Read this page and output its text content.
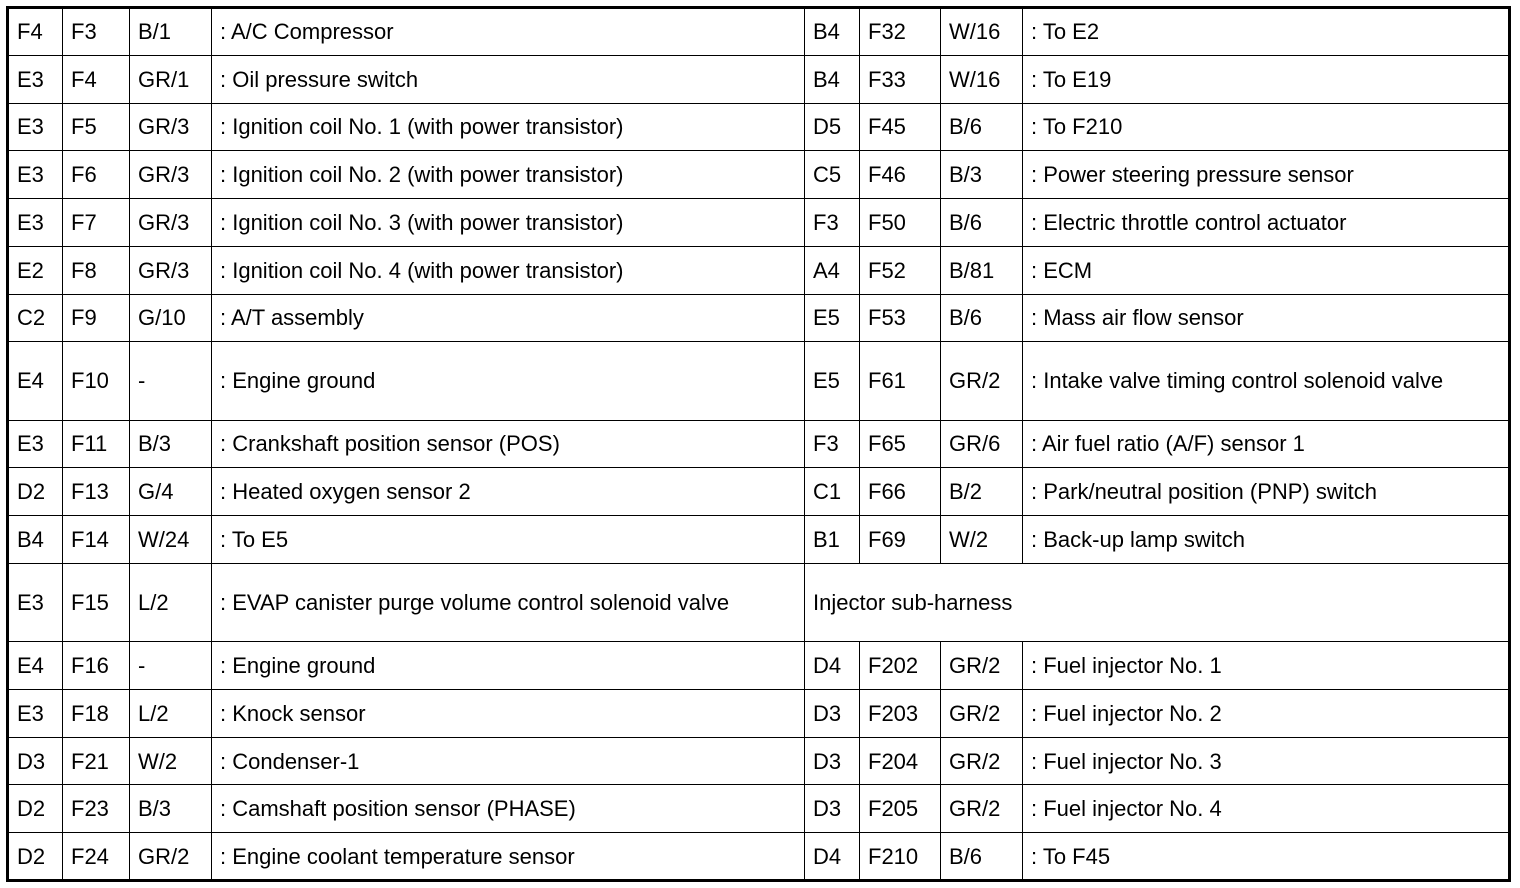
F4	F3	B/1	: A/C Compressor	B4	F32	W/16	: To E2
E3	F4	GR/1	: Oil pressure switch	B4	F33	W/16	: To E19
E3	F5	GR/3	: Ignition coil No. 1 (with power transistor)	D5	F45	B/6	: To F210
E3	F6	GR/3	: Ignition coil No. 2 (with power transistor)	C5	F46	B/3	: Power steering pressure sensor
E3	F7	GR/3	: Ignition coil No. 3 (with power transistor)	F3	F50	B/6	: Electric throttle control actuator
E2	F8	GR/3	: Ignition coil No. 4 (with power transistor)	A4	F52	B/81	: ECM
C2	F9	G/10	: A/T assembly	E5	F53	B/6	: Mass air flow sensor
E4	F10	-	: Engine ground	E5	F61	GR/2	: Intake valve timing control solenoid valve
E3	F11	B/3	: Crankshaft position sensor (POS)	F3	F65	GR/6	: Air fuel ratio (A/F) sensor 1
D2	F13	G/4	: Heated oxygen sensor 2	C1	F66	B/2	: Park/neutral position (PNP) switch
B4	F14	W/24	: To E5	B1	F69	W/2	: Back-up lamp switch
E3	F15	L/2	: EVAP canister purge volume control solenoid valve	Injector sub-harness			
E4	F16	-	: Engine ground	D4	F202	GR/2	: Fuel injector No. 1
E3	F18	L/2	: Knock sensor	D3	F203	GR/2	: Fuel injector No. 2
D3	F21	W/2	: Condenser-1	D3	F204	GR/2	: Fuel injector No. 3
D2	F23	B/3	: Camshaft position sensor (PHASE)	D3	F205	GR/2	: Fuel injector No. 4
D2	F24	GR/2	: Engine coolant temperature sensor	D4	F210	B/6	: To F45
